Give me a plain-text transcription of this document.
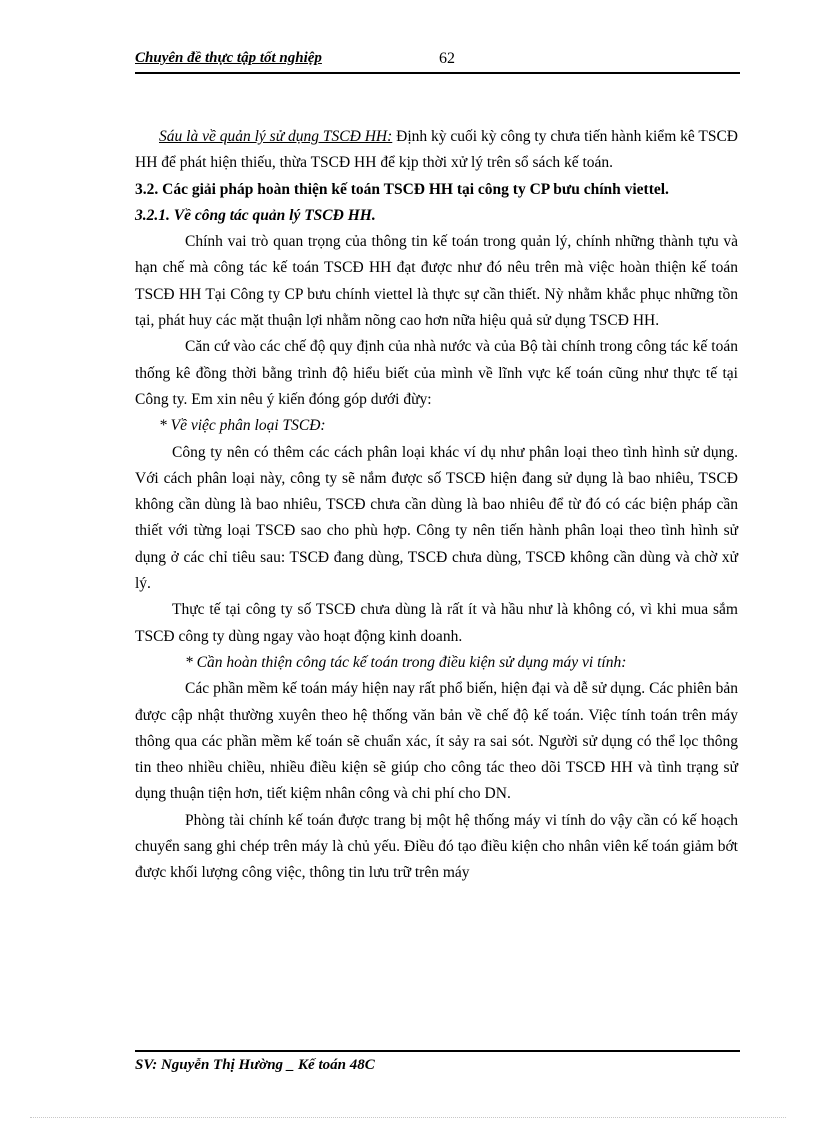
Chuyên đề thực tập tốt nghiệp	62

Sáu là về quản lý sử dụng TSCĐ HH: Định kỳ cuối kỳ công ty chưa tiến hành kiểm kê TSCĐ HH để phát hiện thiếu, thừa TSCĐ HH để kịp thời xử lý trên sổ sách kế toán.

3.2. Các giải pháp hoàn thiện kế toán TSCĐ HH tại công ty CP bưu chính viettel.

3.2.1. Về công tác quản lý TSCĐ HH.

Chính vai trò quan trọng của thông tin kế toán trong quản lý, chính những thành tựu và hạn chế mà công tác kế toán TSCĐ HH đạt được như đó nêu trên mà việc hoàn thiện kế toán TSCĐ HH Tại Công ty CP bưu chính viettel là thực sự cần thiết. Nỳ nhằm khắc phục những tồn tại, phát huy các mặt thuận lợi nhằm nõng cao hơn nữa hiệu quả sử dụng TSCĐ HH.

Căn cứ vào các chế độ quy định của nhà nước và của Bộ tài chính trong công tác kế toán thống kê đồng thời bằng trình độ hiểu biết của mình về lĩnh vực kế toán cũng như thực tế tại Công ty. Em xin nêu ý kiến đóng góp dưới đừy:

* Về việc phân loại TSCĐ:

Công ty nên có thêm các cách phân loại khác ví dụ như phân loại theo tình hình sử dụng. Với cách phân loại này, công ty sẽ nắm được số TSCĐ hiện đang sử dụng là bao nhiêu, TSCĐ không cần dùng là bao nhiêu, TSCĐ chưa cần dùng là bao nhiêu để từ đó có các biện pháp cần thiết với từng loại TSCĐ sao cho phù hợp. Công ty nên tiến hành phân loại theo tình hình sử dụng ở các chỉ tiêu sau: TSCĐ đang dùng, TSCĐ chưa dùng, TSCĐ không cần dùng và chờ xử lý.

Thực tế tại công ty số TSCĐ chưa dùng là rất ít và hầu như là không có, vì khi mua sắm TSCĐ công ty dùng ngay vào hoạt động kinh doanh.

* Cần hoàn thiện công tác kế toán trong điều kiện sử dụng máy vi tính:

Các phần mềm kế toán máy hiện nay rất phổ biến, hiện đại và dễ sử dụng. Các phiên bản được cập nhật thường xuyên theo hệ thống văn bản về chế độ kế toán. Việc tính toán trên máy thông qua các phần mềm kế toán sẽ chuẩn xác, ít sảy ra sai sót. Người sử dụng có thể lọc thông tin theo nhiều chiều, nhiều điều kiện sẽ giúp cho công tác theo dõi TSCĐ HH và tình trạng sử dụng thuận tiện hơn, tiết kiệm nhân công và chi phí cho DN.

Phòng tài chính kế toán được trang bị một hệ thống máy vi tính do vậy cần có kế hoạch chuyển sang ghi chép trên máy là chủ yếu. Điều đó tạo điều kiện cho nhân viên kế toán giảm bớt được khối lượng công việc, thông tin lưu trữ trên máy

SV: Nguyễn Thị Hường _ Kế toán 48C
